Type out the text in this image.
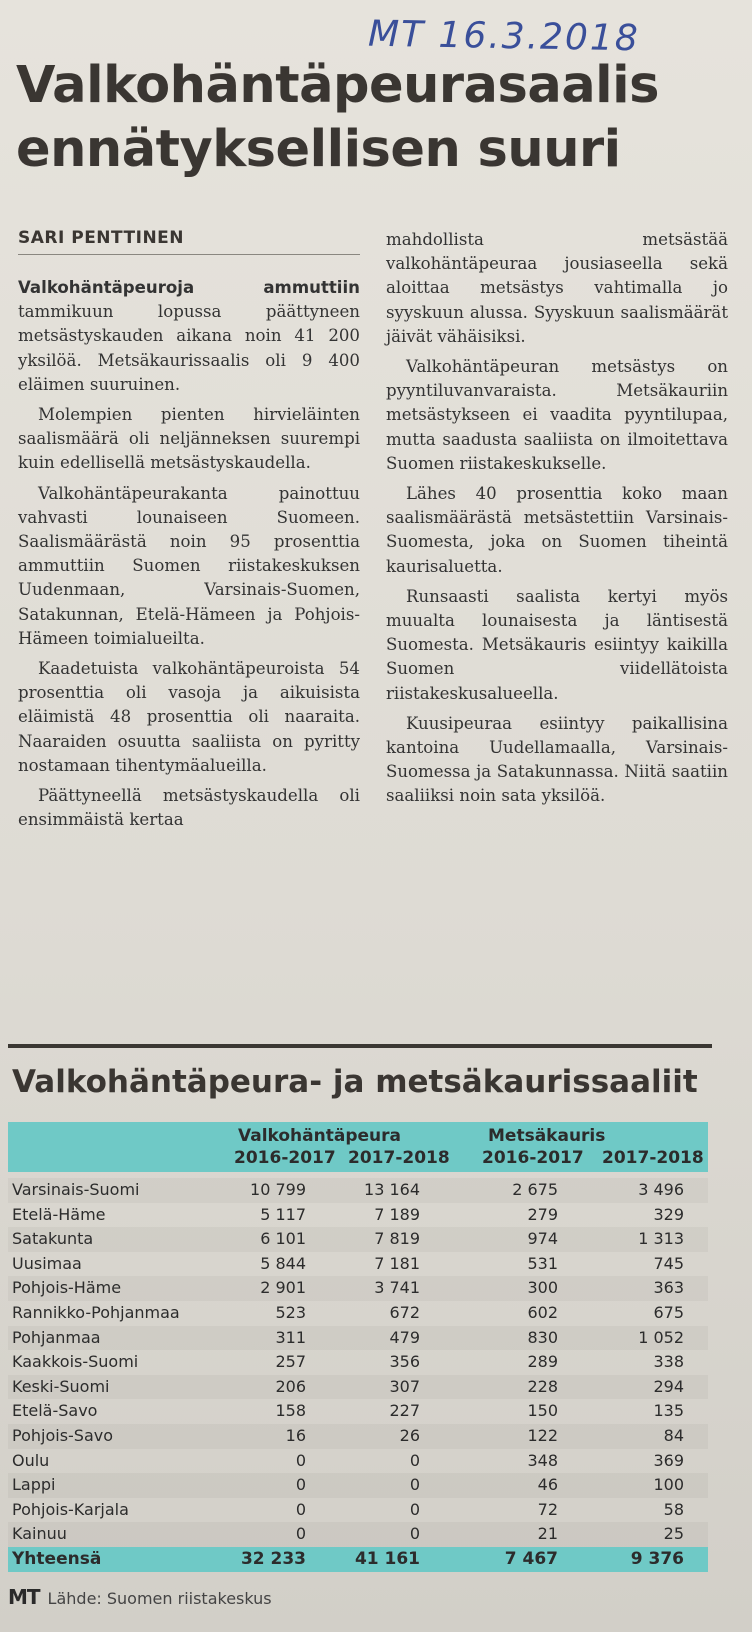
MT 16.3.2018
Valkohäntäpeurasaalis ennätyksellisen suuri
SARI PENTTINEN

Valkohäntäpeuroja ammuttiin tammikuun lopussa päättyneen metsästyskauden aikana noin 41 200 yksilöä. Metsäkaurissaalis oli 9 400 eläimen suuruinen.

Molempien pienten hirvieläinten saalismäärä oli neljänneksen suurempi kuin edellisellä metsästyskaudella.

Valkohäntäpeurakanta painottuu vahvasti lounaiseen Suomeen. Saalismäärästä noin 95 prosenttia ammuttiin Suomen riistakeskuksen Uudenmaan, Varsinais-Suomen, Satakunnan, Etelä-Hämeen ja Pohjois-Hämeen toimialueilta.

Kaadetuista valkohäntäpeuroista 54 prosenttia oli vasoja ja aikuisista eläimistä 48 prosenttia oli naaraita. Naaraiden osuutta saaliista on pyritty nostamaan tihentymäalueilla.

Päättyneellä metsästyskaudella oli ensimmäistä kertaa

mahdollista metsästää valkohäntäpeuraa jousiaseella sekä aloittaa metsästys vahtimalla jo syyskuun alussa. Syyskuun saalismäärät jäivät vähäisiksi.

Valkohäntäpeuran metsästys on pyyntiluvanvaraista. Metsäkauriin metsästykseen ei vaadita pyyntilupaa, mutta saadusta saaliista on ilmoitettava Suomen riistakeskukselle.

Lähes 40 prosenttia koko maan saalismäärästä metsästettiin Varsinais-Suomesta, joka on Suomen tiheintä kaurisaluetta.

Runsaasti saalista kertyi myös muualta lounaisesta ja läntisestä Suomesta. Metsäkauris esiintyy kaikilla Suomen viidellätoista riistakeskusalueella.

Kuusipeuraa esiintyy paikallisina kantoina Uudellamaalla, Varsinais-Suomessa ja Satakunnassa. Niitä saatiin saaliiksi noin sata yksilöä.

Valkohäntäpeura- ja metsäkaurissaaliit
Valkohäntäpeura	Metsäkauris
2016-2017 2017-2018 2016-2017 2017-2018
Varsinais-Suomi	10 799	13 164	2 675	3 496
Etelä-Häme	5 117	7 189	279	329
Satakunta	6 101	7 819	974	1 313
Uusimaa	5 844	7 181	531	745
Pohjois-Häme	2 901	3 741	300	363
Rannikko-Pohjanmaa	523	672	602	675
Pohjanmaa	311	479	830	1 052
Kaakkois-Suomi	257	356	289	338
Keski-Suomi	206	307	228	294
Etelä-Savo	158	227	150	135
Pohjois-Savo	16	26	122	84
Oulu	0	0	348	369
Lappi	0	0	46	100
Pohjois-Karjala	0	0	72	58
Kainuu	0	0	21	25
Yhteensä	32 233	41 161	7 467	9 376
MT Lähde: Suomen riistakeskus
